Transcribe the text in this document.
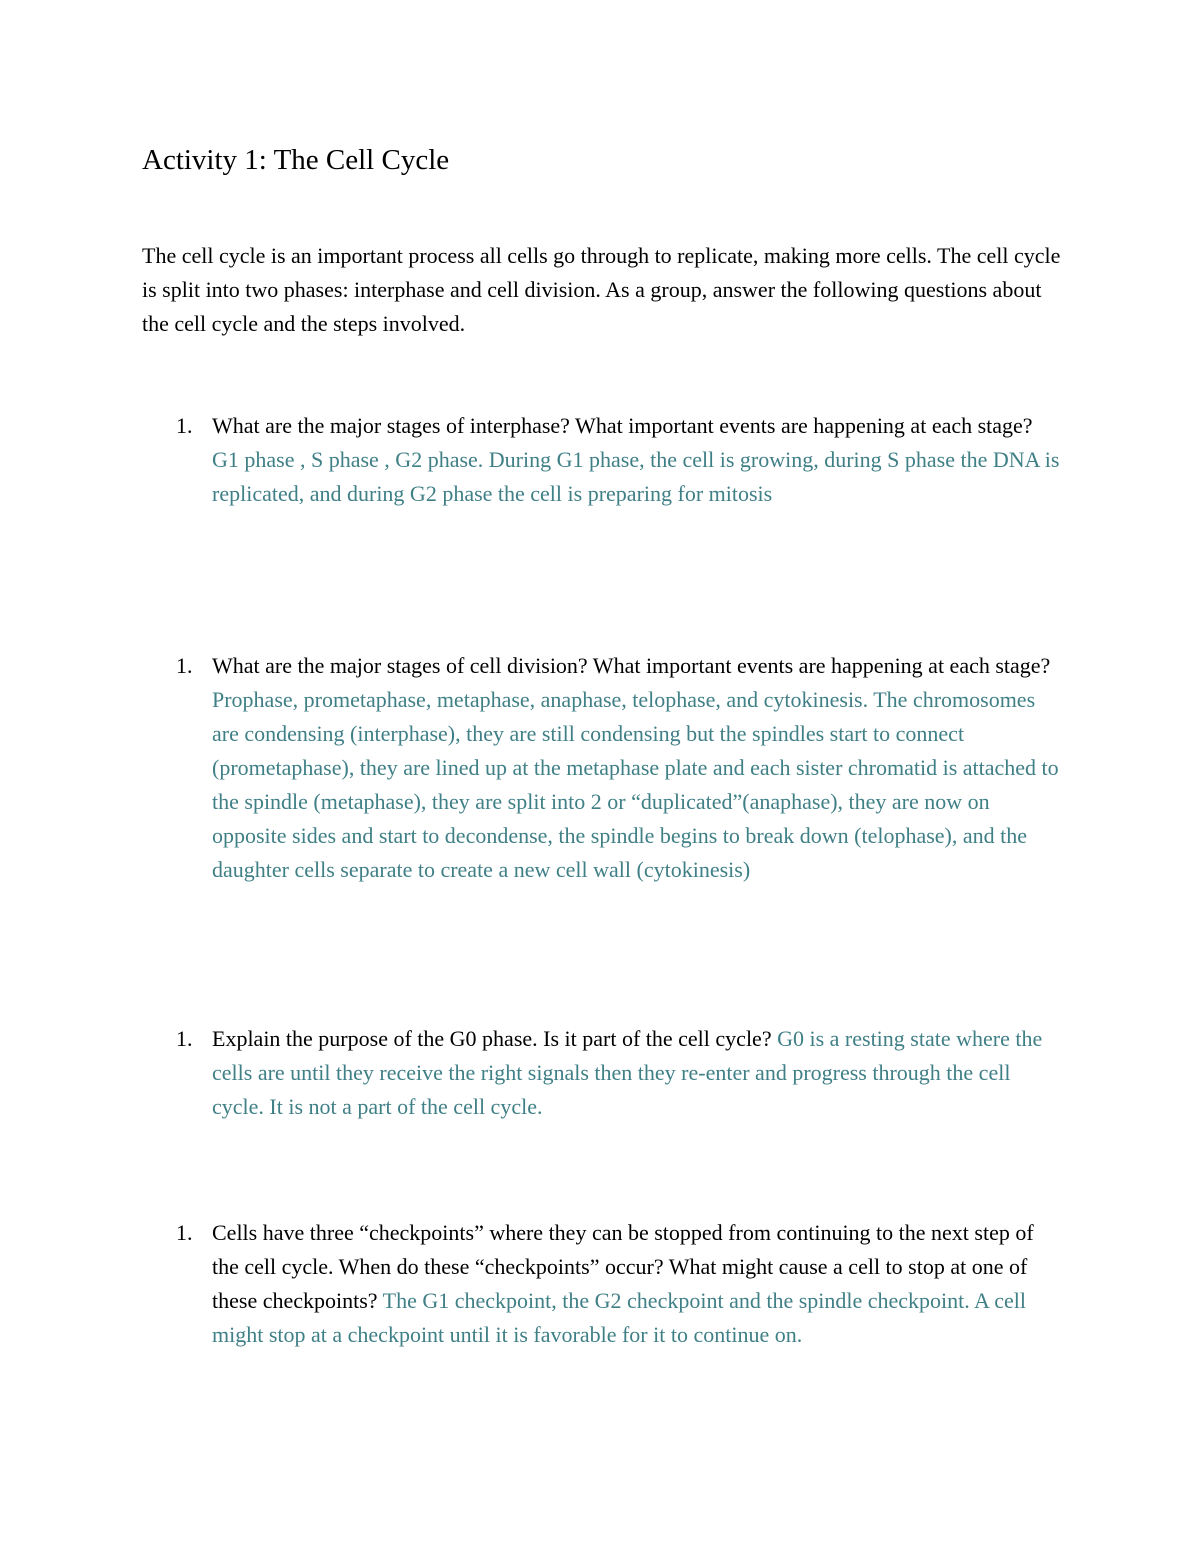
Activity 1: The Cell Cycle

The cell cycle is an important process all cells go through to replicate, making more cells. The cell cycle is split into two phases: interphase and cell division. As a group, answer the following questions about the cell cycle and the steps involved.

1. What are the major stages of interphase? What important events are happening at each stage? G1 phase , S phase , G2 phase. During G1 phase, the cell is growing, during S phase the DNA is replicated, and during G2 phase the cell is preparing for mitosis
1. What are the major stages of cell division? What important events are happening at each stage? Prophase, prometaphase, metaphase, anaphase, telophase, and cytokinesis. The chromosomes are condensing (interphase), they are still condensing but the spindles start to connect (prometaphase), they are lined up at the metaphase plate and each sister chromatid is attached to the spindle (metaphase), they are split into 2 or “duplicated”(anaphase), they are now on opposite sides and start to decondense, the spindle begins to break down (telophase), and the daughter cells separate to create a new cell wall (cytokinesis)
1. Explain the purpose of the G0 phase. Is it part of the cell cycle? G0 is a resting state where the cells are until they receive the right signals then they re-enter and progress through the cell cycle. It is not a part of the cell cycle.
1. Cells have three “checkpoints” where they can be stopped from continuing to the next step of the cell cycle. When do these “checkpoints” occur? What might cause a cell to stop at one of these checkpoints? The G1 checkpoint, the G2 checkpoint and the spindle checkpoint. A cell might stop at a checkpoint until it is favorable for it to continue on.
